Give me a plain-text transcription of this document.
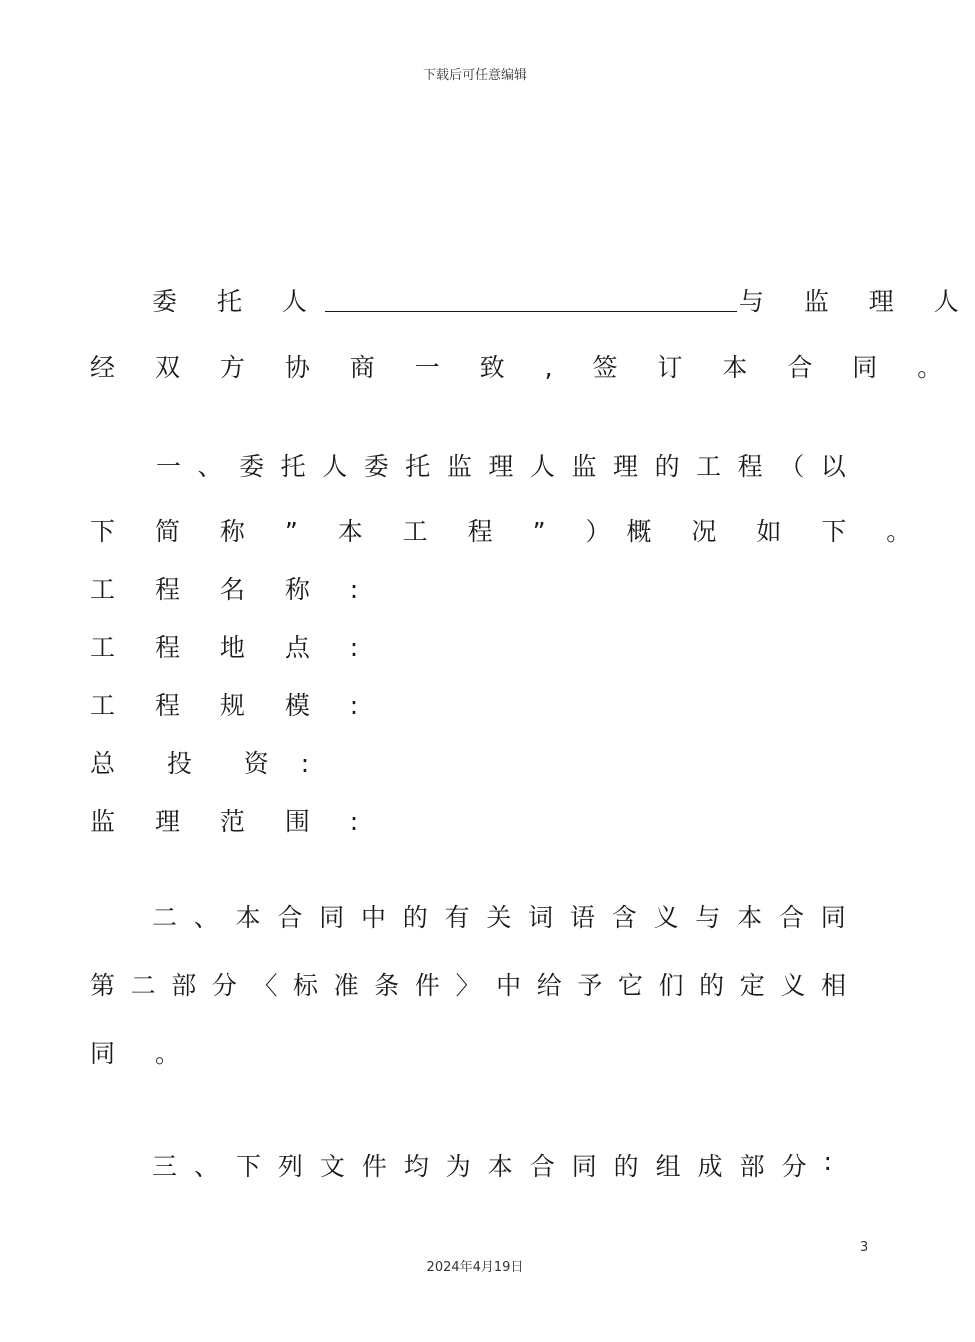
下载后可任意编辑
委 托 人	与 监 理 人
经 双 方 协 商 一 致 , 签 订 本 合 同 。
一 、 委 托 人 委 托 监 理 人 监 理 的 工 程 （ 以
下 简 称 ” 本 工 程 ” ）概 况 如 下 。
工 程 名 称 :
工 程 地 点 :
工 程 规 模 :
总  投  资 :
监 理 范 围 :
二 、 本 合 同 中 的 有 关 词 语 含 义 与 本 合 同
第 二 部 分 〈 标 准 条 件 〉 中 给 予 它 们 的 定 义 相
同 。
三 、 下 列 文 件 均 为 本 合 同 的 组 成 部 分 :
3
2024年4月19日
